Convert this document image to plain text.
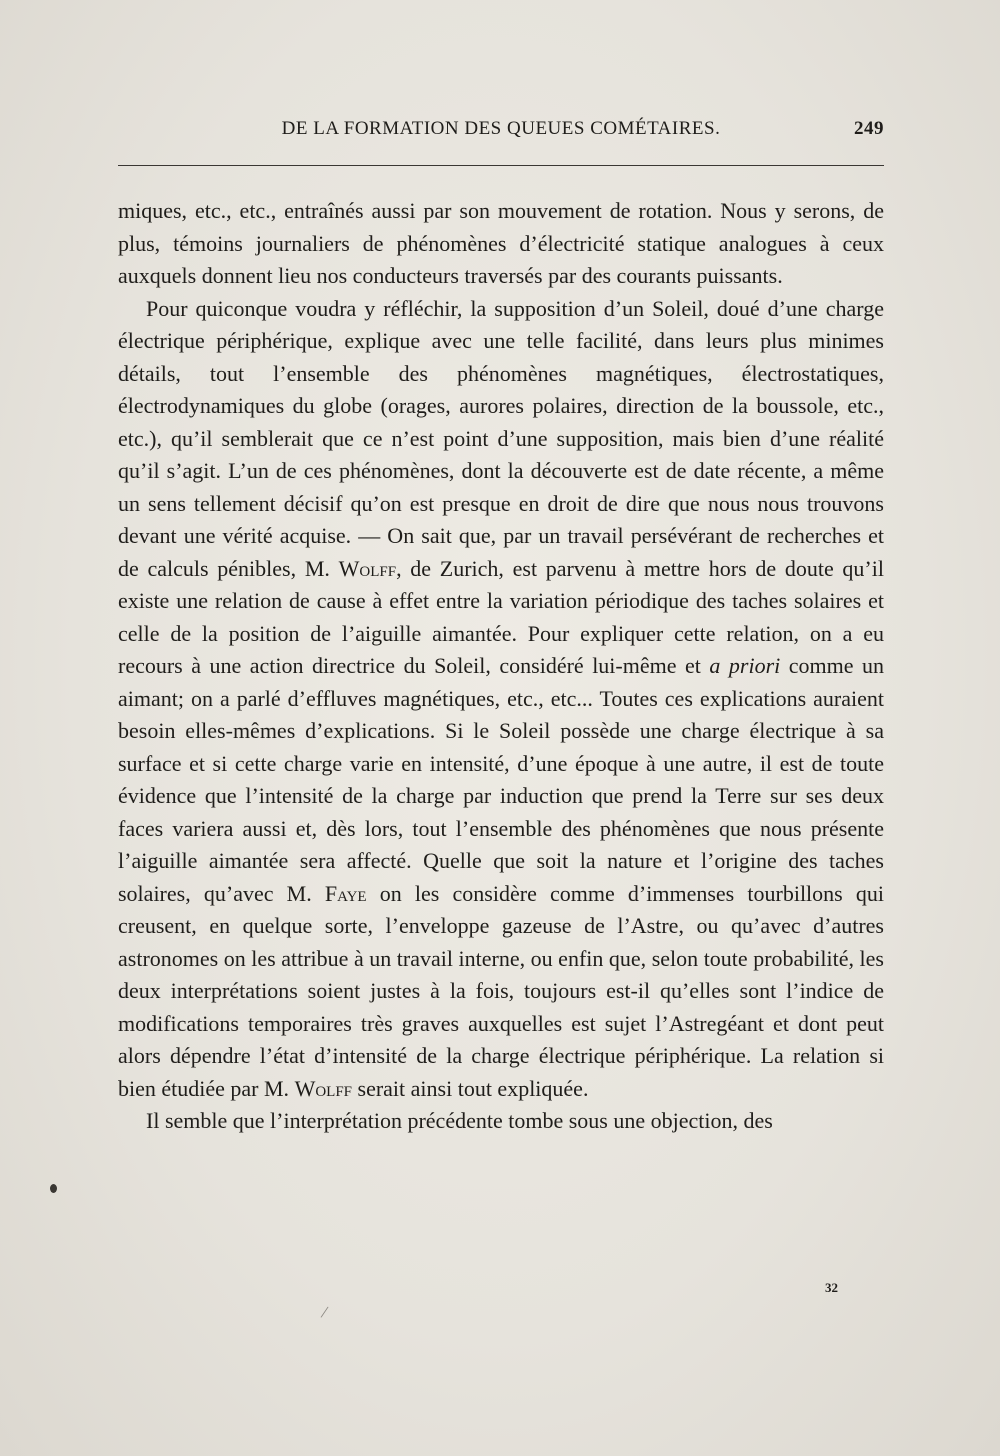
DE LA FORMATION DES QUEUES COMÉTAIRES.	249

miques, etc., etc., entraînés aussi par son mouvement de rotation. Nous y serons, de plus, témoins journaliers de phénomènes d’électricité statique analogues à ceux auxquels donnent lieu nos conducteurs traversés par des courants puissants.

Pour quiconque voudra y réfléchir, la supposition d’un Soleil, doué d’une charge électrique périphérique, explique avec une telle facilité, dans leurs plus minimes détails, tout l’ensemble des phénomènes magnétiques, électrostatiques, électrodynamiques du globe (orages, aurores polaires, direction de la boussole, etc., etc.), qu’il semblerait que ce n’est point d’une supposition, mais bien d’une réalité qu’il s’agit. L’un de ces phénomènes, dont la découverte est de date récente, a même un sens tellement décisif qu’on est presque en droit de dire que nous nous trouvons devant une vérité acquise. — On sait que, par un travail persévérant de recherches et de calculs pénibles, M. Wolff, de Zurich, est parvenu à mettre hors de doute qu’il existe une relation de cause à effet entre la variation périodique des taches solaires et celle de la position de l’aiguille aimantée. Pour expliquer cette relation, on a eu recours à une action directrice du Soleil, considéré lui-même et a priori comme un aimant; on a parlé d’effluves magnétiques, etc., etc... Toutes ces explications auraient besoin elles-mêmes d’explications. Si le Soleil possède une charge électrique à sa surface et si cette charge varie en intensité, d’une époque à une autre, il est de toute évidence que l’intensité de la charge par induction que prend la Terre sur ses deux faces variera aussi et, dès lors, tout l’ensemble des phénomènes que nous présente l’aiguille aimantée sera affecté. Quelle que soit la nature et l’origine des taches solaires, qu’avec M. Faye on les considère comme d’immenses tourbillons qui creusent, en quelque sorte, l’enveloppe gazeuse de l’Astre, ou qu’avec d’autres astronomes on les attribue à un travail interne, ou enfin que, selon toute probabilité, les deux interprétations soient justes à la fois, toujours est-il qu’elles sont l’indice de modifications temporaires très graves auxquelles est sujet l’Astregéant et dont peut alors dépendre l’état d’intensité de la charge électrique périphérique. La relation si bien étudiée par M. Wolff serait ainsi tout expliquée.

Il semble que l’interprétation précédente tombe sous une objection, des

32
/
